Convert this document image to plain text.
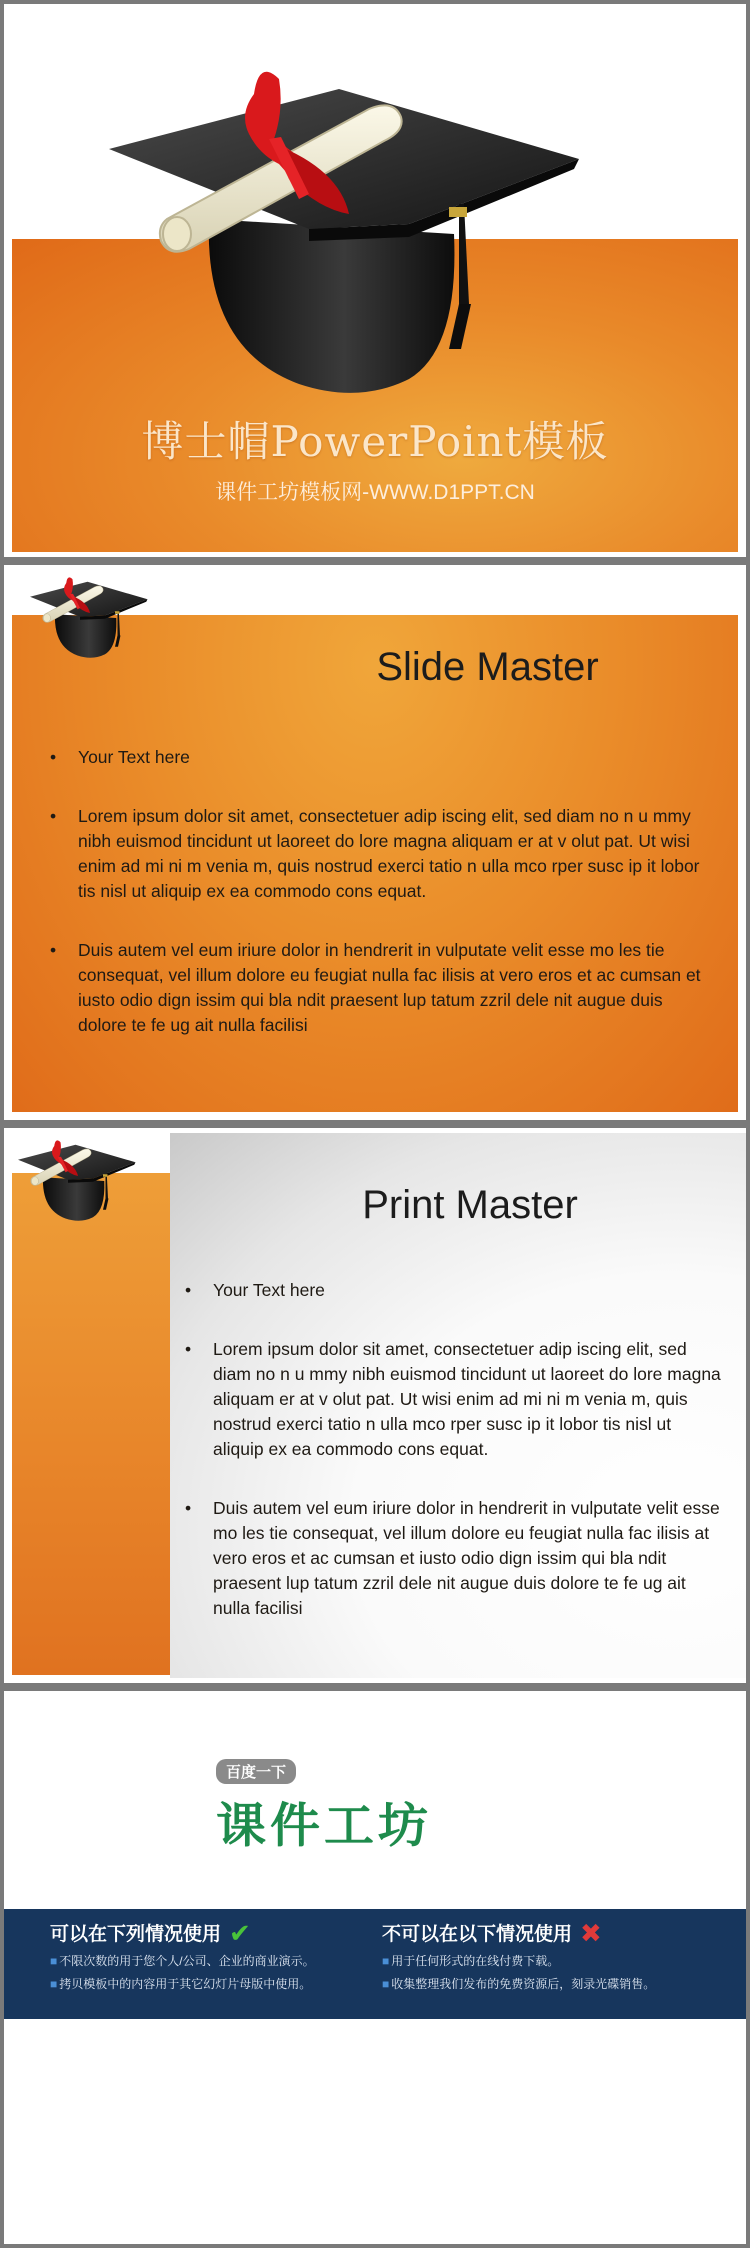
博士帽PowerPoint模板
课件工坊模板网-WWW.D1PPT.CN
Slide Master
• Your Text here
• Lorem ipsum dolor sit amet, consectetuer adip iscing elit, sed diam no n u mmy nibh euismod tincidunt ut laoreet do lore magna aliquam er at v olut pat. Ut wisi enim ad mi ni m venia m, quis nostrud exerci tatio n ulla mco rper susc ip it lobor tis nisl ut aliquip ex ea commodo cons equat.
• Duis autem vel eum iriure dolor in hendrerit in vulputate velit esse mo les tie consequat, vel illum dolore eu feugiat nulla fac ilisis at vero eros et ac cumsan et iusto odio dign issim qui bla ndit praesent lup tatum zzril dele nit augue duis dolore te fe ug ait nulla facilisi
Print Master
• Your Text here
• Lorem ipsum dolor sit amet, consectetuer adip iscing elit, sed diam no n u mmy nibh euismod tincidunt ut laoreet do lore magna aliquam er at v olut pat. Ut wisi enim ad mi ni m venia m, quis nostrud exerci tatio n ulla mco rper susc ip it lobor tis nisl ut aliquip ex ea commodo cons equat.
• Duis autem vel eum iriure dolor in hendrerit in vulputate velit esse mo les tie consequat, vel illum dolore eu feugiat nulla fac ilisis at vero eros et ac cumsan et iusto odio dign issim qui bla ndit praesent lup tatum zzril dele nit augue duis dolore te fe ug ait nulla facilisi
百度一下
课件工坊
可以在下列情况使用 ✔

■ 不限次数的用于您个人/公司、企业的商业演示。

■ 拷贝模板中的内容用于其它幻灯片母版中使用。

不可以在以下情况使用 ✖

■ 用于任何形式的在线付费下载。

■ 收集整理我们发布的免费资源后，刻录光碟销售。
